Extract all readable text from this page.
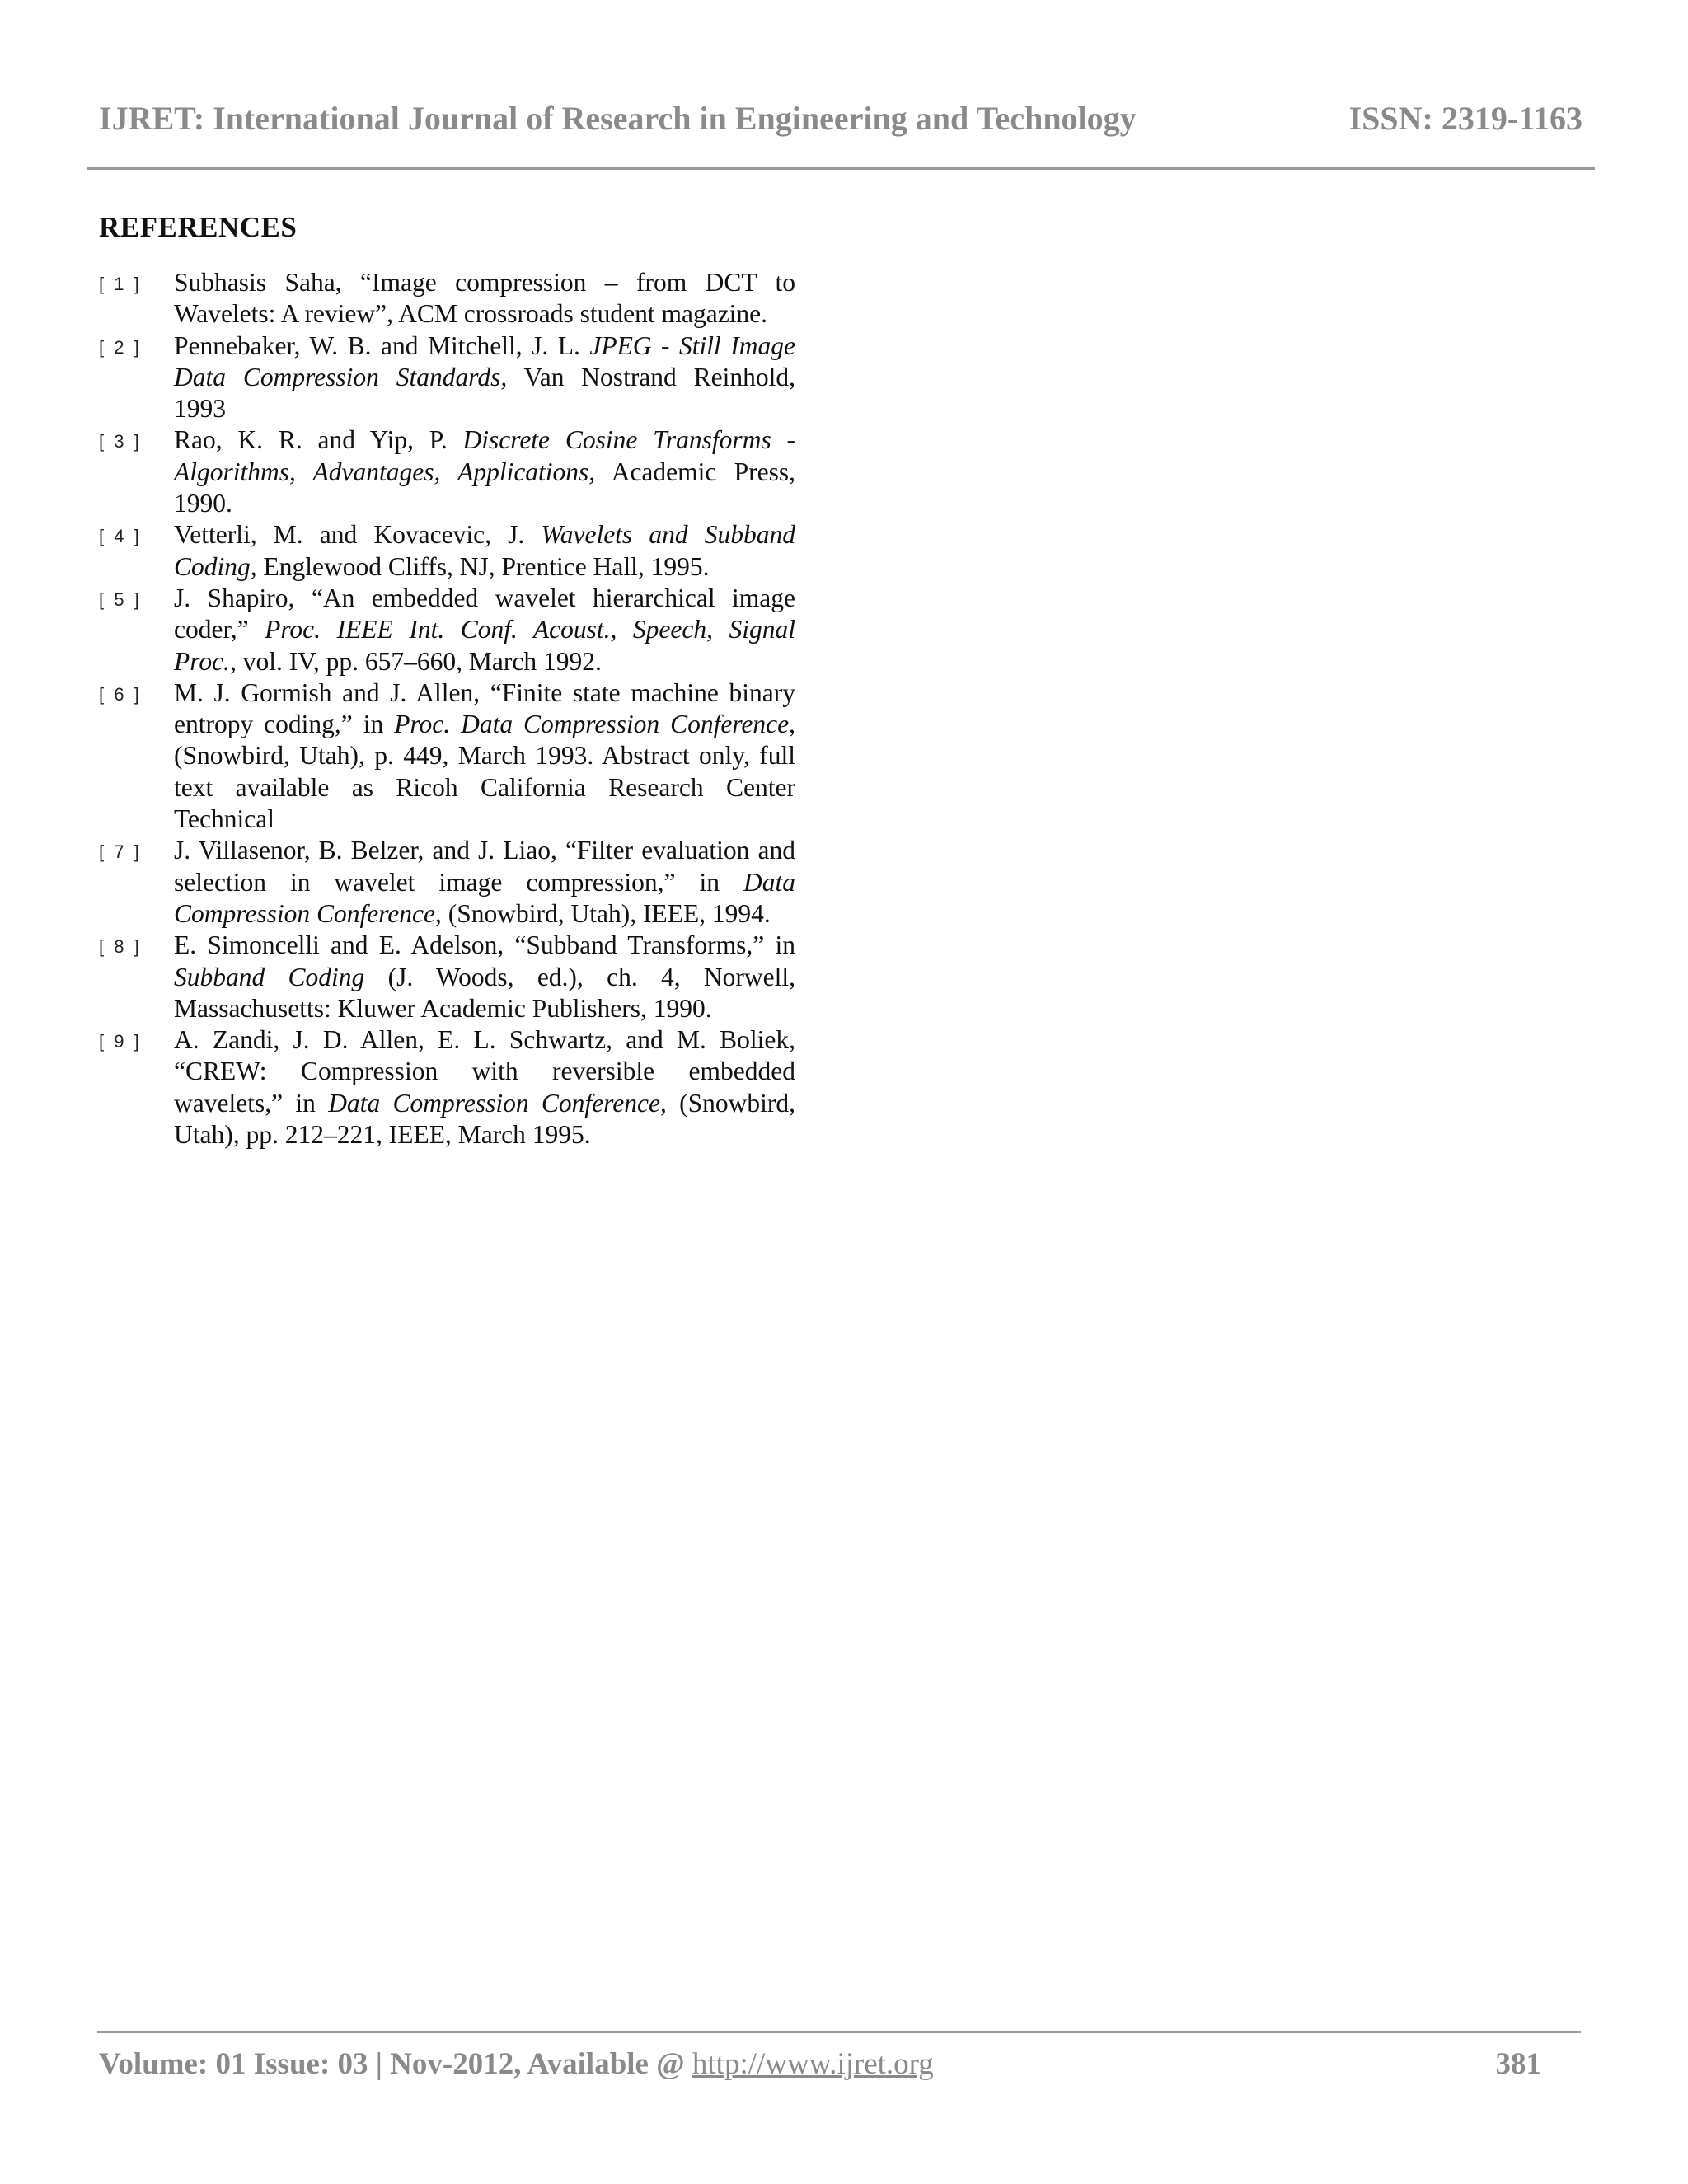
IJRET: International Journal of Research in Engineering and Technology	ISSN: 2319-1163
REFERENCES
[ 1 ] Subhasis Saha, “Image compression – from DCT to Wavelets: A review”, ACM crossroads student magazine.
[ 2 ] Pennebaker, W. B. and Mitchell, J. L. JPEG - Still Image Data Compression Standards, Van Nostrand Reinhold, 1993
[ 3 ] Rao, K. R. and Yip, P. Discrete Cosine Transforms - Algorithms, Advantages, Applications, Academic Press, 1990.
[ 4 ] Vetterli, M. and Kovacevic, J. Wavelets and Subband Coding, Englewood Cliffs, NJ, Prentice Hall, 1995.
[ 5 ] J. Shapiro, “An embedded wavelet hierarchical image coder,” Proc. IEEE Int. Conf. Acoust., Speech, Signal Proc., vol. IV, pp. 657–660, March 1992.
[ 6 ] M. J. Gormish and J. Allen, “Finite state machine binary entropy coding,” in Proc. Data Compression Conference, (Snowbird, Utah), p. 449, March 1993. Abstract only, full text available as Ricoh California Research Center Technical
[ 7 ] J. Villasenor, B. Belzer, and J. Liao, “Filter evaluation and selection in wavelet image compression,” in Data Compression Conference, (Snowbird, Utah), IEEE, 1994.
[ 8 ] E. Simoncelli and E. Adelson, “Subband Transforms,” in Subband Coding (J. Woods, ed.), ch. 4, Norwell, Massachusetts: Kluwer Academic Publishers, 1990.
[ 9 ] A. Zandi, J. D. Allen, E. L. Schwartz, and M. Boliek, “CREW: Compression with reversible embedded wavelets,” in Data Compression Conference, (Snowbird, Utah), pp. 212–221, IEEE, March 1995.
Volume: 01 Issue: 03 | Nov-2012, Available @ http://www.ijret.org	381
